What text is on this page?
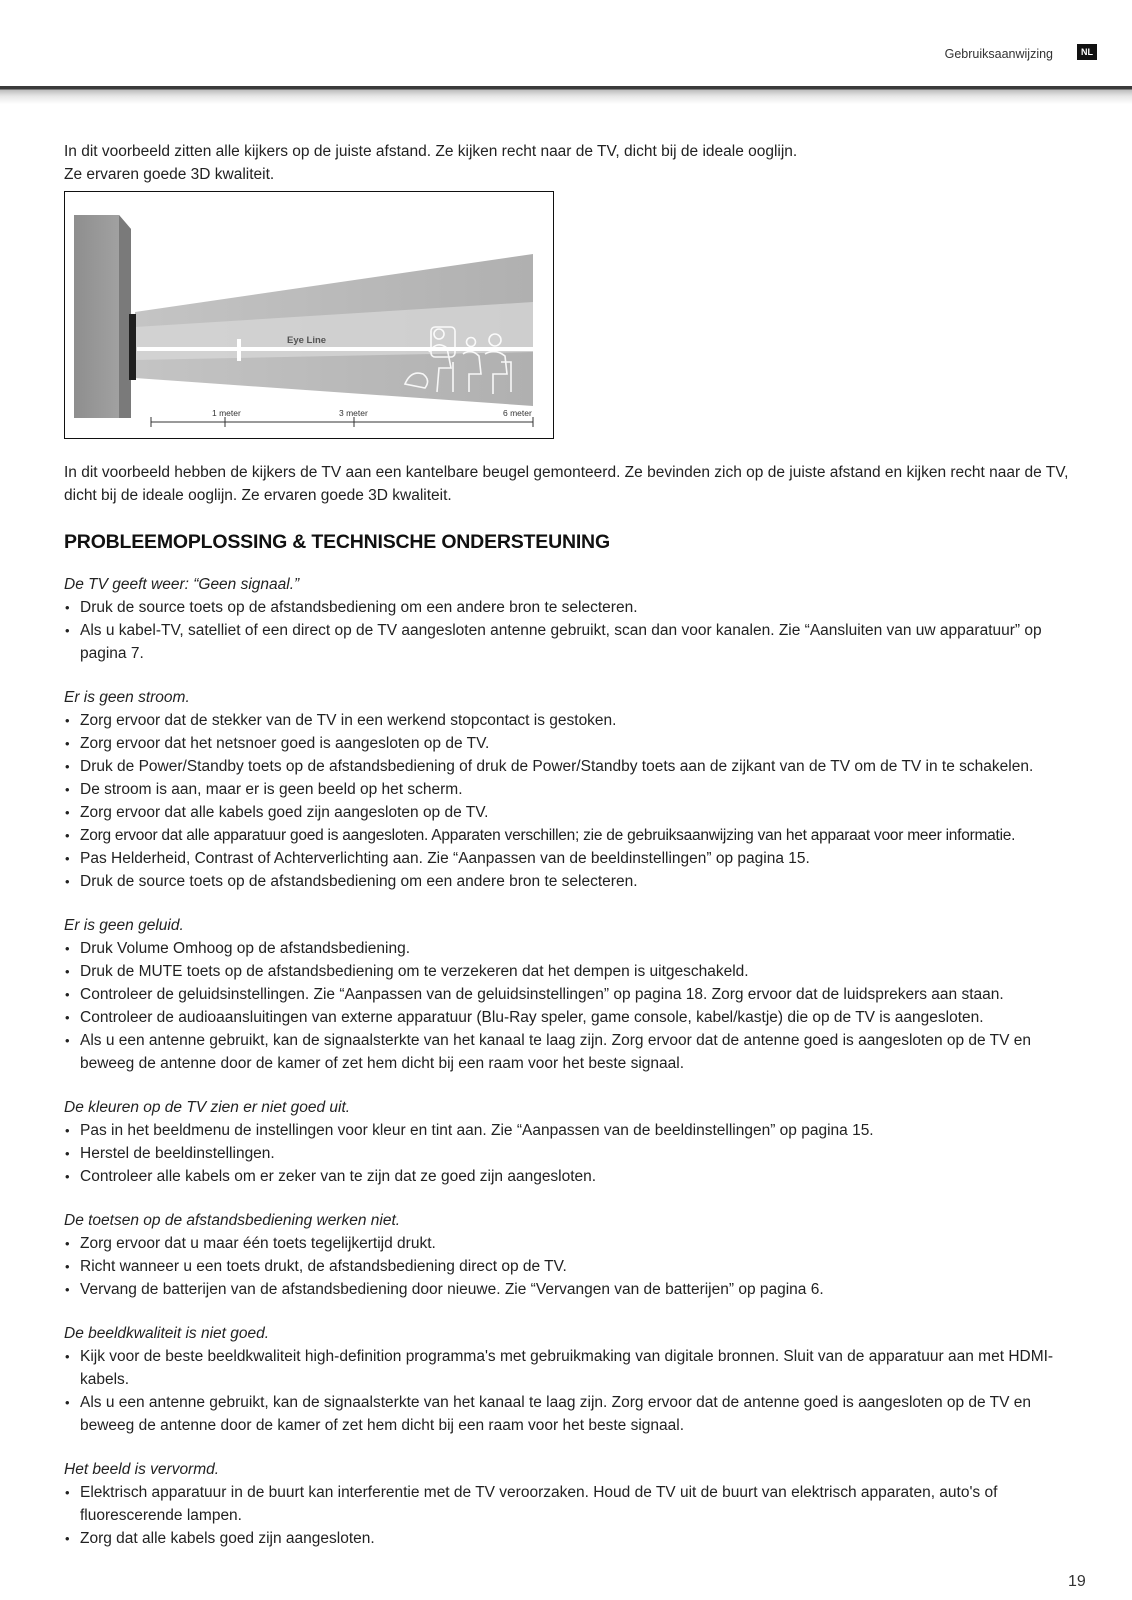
Gebruiksaanwijzing	NL

In dit voorbeeld zitten alle kijkers op de juiste afstand. Ze kijken recht naar de TV, dicht bij de ideale ooglijn.

Ze ervaren goede 3D kwaliteit.

Eye Line
1 meter	3 meter	6 meter

In dit voorbeeld hebben de kijkers de TV aan een kantelbare beugel gemonteerd. Ze bevinden zich op de juiste afstand en kijken recht naar de TV, dicht bij de ideale ooglijn. Ze ervaren goede 3D kwaliteit.

PROBLEEMOPLOSSING & TECHNISCHE ONDERSTEUNING

De TV geeft weer: “Geen signaal.”

• Druk de source toets op de afstandsbediening om een andere bron te selecteren.
• Als u kabel-TV, satelliet of een direct op de TV aangesloten antenne gebruikt, scan dan voor kanalen. Zie “Aansluiten van uw apparatuur” op pagina 7.

Er is geen stroom.

• Zorg ervoor dat de stekker van de TV in een werkend stopcontact is gestoken.
• Zorg ervoor dat het netsnoer goed is aangesloten op de TV.
• Druk de Power/Standby toets op de afstandsbediening of druk de Power/Standby toets aan de zijkant van de TV om de TV in te schakelen.
• De stroom is aan, maar er is geen beeld op het scherm.
• Zorg ervoor dat alle kabels goed zijn aangesloten op de TV.
• Zorg ervoor dat alle apparatuur goed is aangesloten. Apparaten verschillen; zie de gebruiksaanwijzing van het apparaat voor meer informatie.
• Pas Helderheid, Contrast of Achterverlichting aan. Zie “Aanpassen van de beeldinstellingen” op pagina 15.
• Druk de source toets op de afstandsbediening om een andere bron te selecteren.

Er is geen geluid.

• Druk Volume Omhoog op de afstandsbediening.
• Druk de MUTE toets op de afstandsbediening om te verzekeren dat het dempen is uitgeschakeld.
• Controleer de geluidsinstellingen. Zie “Aanpassen van de geluidsinstellingen” op pagina 18. Zorg ervoor dat de luidsprekers aan staan.
• Controleer de audioaansluitingen van externe apparatuur (Blu-Ray speler, game console, kabel/kastje) die op de TV is aangesloten.
• Als u een antenne gebruikt, kan de signaalsterkte van het kanaal te laag zijn. Zorg ervoor dat de antenne goed is aangesloten op de TV en beweeg de antenne door de kamer of zet hem dicht bij een raam voor het beste signaal.

De kleuren op de TV zien er niet goed uit.

• Pas in het beeldmenu de instellingen voor kleur en tint aan. Zie “Aanpassen van de beeldinstellingen” op pagina 15.
• Herstel de beeldinstellingen.
• Controleer alle kabels om er zeker van te zijn dat ze goed zijn aangesloten.

De toetsen op de afstandsbediening werken niet.

• Zorg ervoor dat u maar één toets tegelijkertijd drukt.
• Richt wanneer u een toets drukt, de afstandsbediening direct op de TV.
• Vervang de batterijen van de afstandsbediening door nieuwe. Zie “Vervangen van de batterijen” op pagina 6.

De beeldkwaliteit is niet goed.

• Kijk voor de beste beeldkwaliteit high-definition programma's met gebruikmaking van digitale bronnen. Sluit van de apparatuur aan met HDMI-kabels.
• Als u een antenne gebruikt, kan de signaalsterkte van het kanaal te laag zijn. Zorg ervoor dat de antenne goed is aangesloten op de TV en beweeg de antenne door de kamer of zet hem dicht bij een raam voor het beste signaal.

Het beeld is vervormd.

• Elektrisch apparatuur in de buurt kan interferentie met de TV veroorzaken. Houd de TV uit de buurt van elektrisch apparaten, auto's of fluorescerende lampen.
• Zorg dat alle kabels goed zijn aangesloten.
19
